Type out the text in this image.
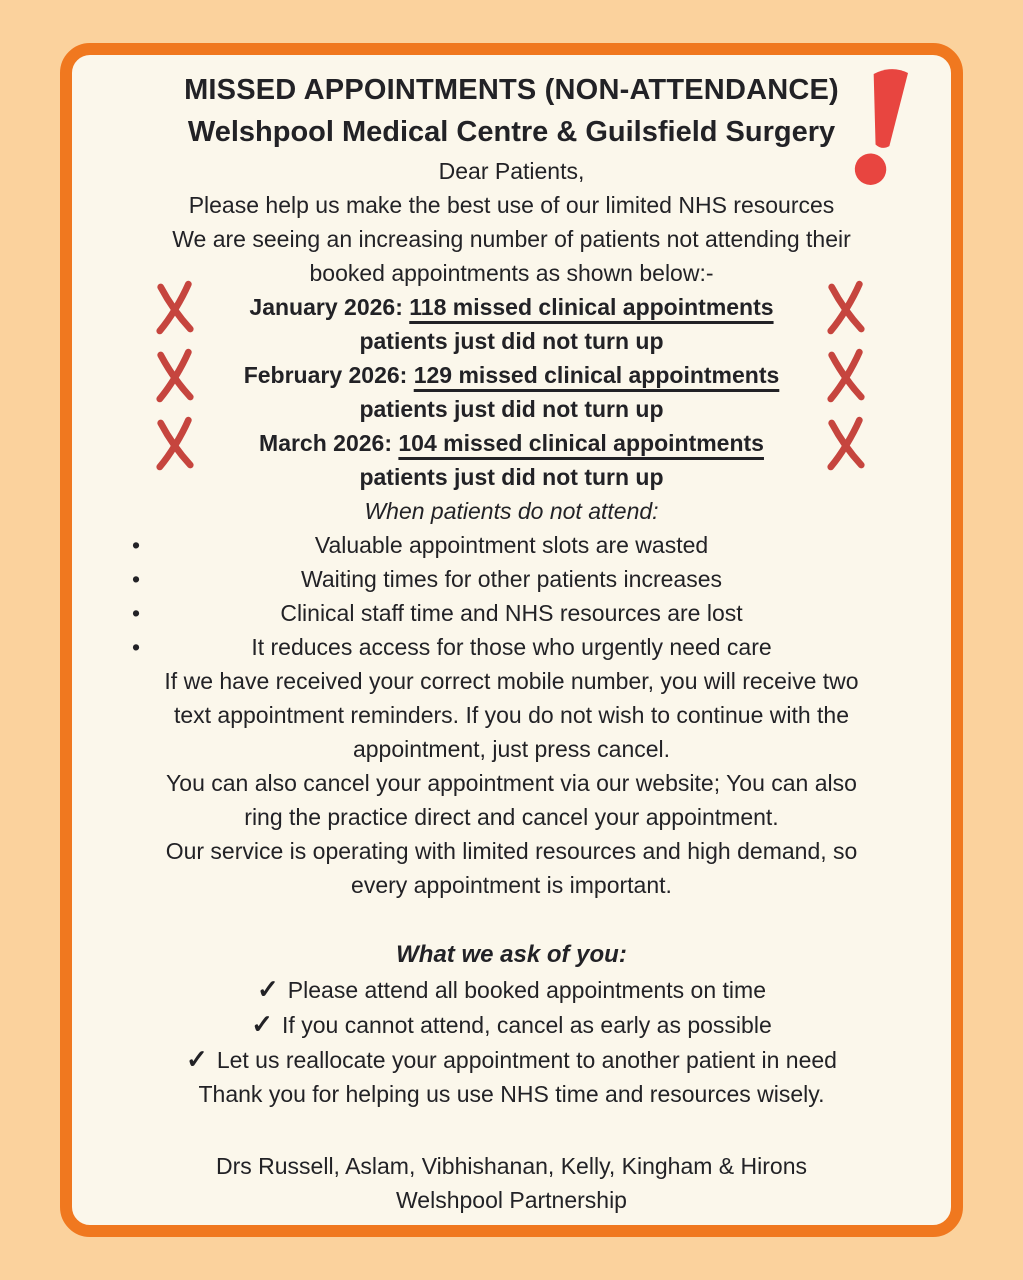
MISSED APPOINTMENTS (NON-ATTENDANCE)
Welshpool Medical Centre & Guilsfield Surgery
Dear Patients,
Please help us make the best use of our limited NHS resources
We are seeing an increasing number of patients not attending their
booked appointments as shown below:-
January 2026: 118 missed clinical appointments
patients just did not turn up
February 2026: 129 missed clinical appointments
patients just did not turn up
March 2026: 104 missed clinical appointments
patients just did not turn up
When patients do not attend:
•	Valuable appointment slots are wasted
•	Waiting times for other patients increases
•	Clinical staff time and NHS resources are lost
•	It reduces access for those who urgently need care
If we have received your correct mobile number, you will receive two
text appointment reminders. If you do not wish to continue with the
appointment, just press cancel.
You can also cancel your appointment via our website; You can also
ring the practice direct and cancel your appointment.
Our service is operating with limited resources and high demand, so
every appointment is important.
What we ask of you:
✓ Please attend all booked appointments on time
✓ If you cannot attend, cancel as early as possible
✓ Let us reallocate your appointment to another patient in need
Thank you for helping us use NHS time and resources wisely.
Drs Russell, Aslam, Vibhishanan, Kelly, Kingham & Hirons
Welshpool Partnership
